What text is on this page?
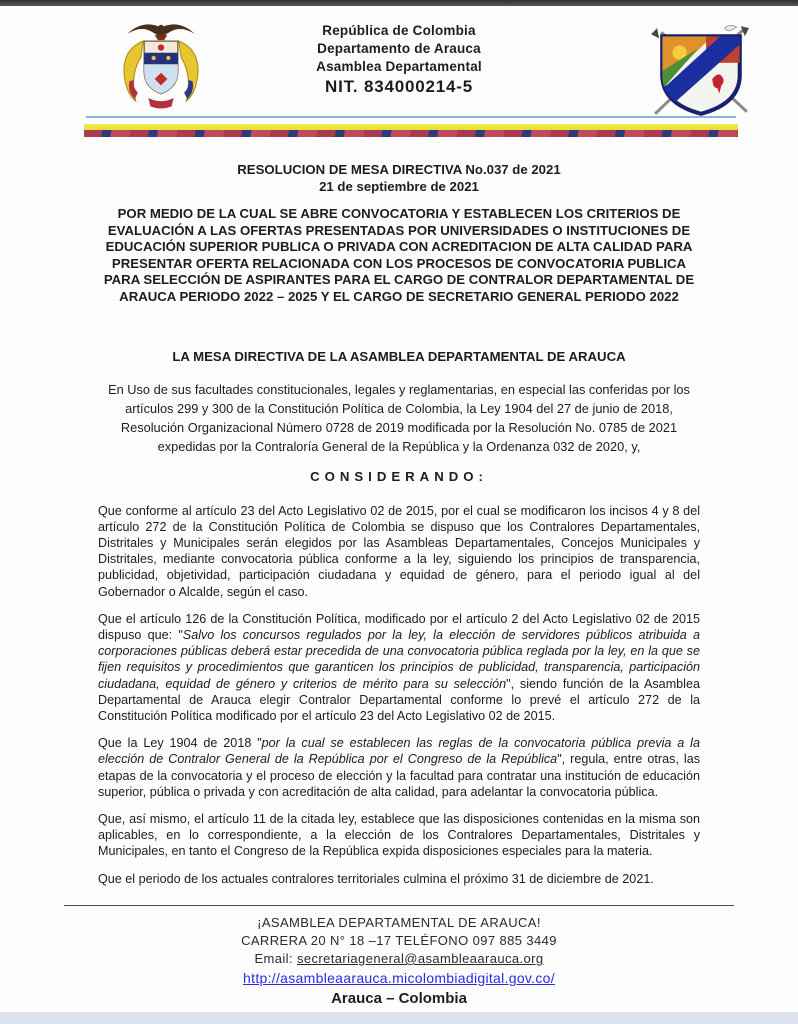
República de Colombia
Departamento de Arauca
Asamblea Departamental
NIT. 834000214-5
RESOLUCION DE MESA DIRECTIVA No.037 de 2021
21 de septiembre de 2021
POR MEDIO DE LA CUAL SE ABRE CONVOCATORIA Y ESTABLECEN LOS CRITERIOS DE EVALUACIÓN A LAS OFERTAS PRESENTADAS POR UNIVERSIDADES O INSTITUCIONES DE EDUCACIÓN SUPERIOR PUBLICA O PRIVADA CON ACREDITACION DE ALTA CALIDAD PARA PRESENTAR OFERTA RELACIONADA CON LOS PROCESOS DE CONVOCATORIA PUBLICA PARA SELECCIÓN DE ASPIRANTES PARA EL CARGO DE CONTRALOR DEPARTAMENTAL DE ARAUCA PERIODO 2022 – 2025 Y EL CARGO DE SECRETARIO GENERAL PERIODO 2022
LA MESA DIRECTIVA DE LA ASAMBLEA DEPARTAMENTAL DE ARAUCA

En Uso de sus facultades constitucionales, legales y reglamentarias, en especial las conferidas por los artículos 299 y 300 de la Constitución Política de Colombia, la Ley 1904 del 27 de junio de 2018, Resolución Organizacional Número 0728 de 2019 modificada por la Resolución No. 0785 de 2021 expedidas por la Contraloría General de la República y la Ordenanza 032 de 2020, y,

CONSIDERANDO:

Que conforme al artículo 23 del Acto Legislativo 02 de 2015, por el cual se modificaron los incisos 4 y 8 del artículo 272 de la Constitución Política de Colombia se dispuso que los Contralores Departamentales, Distritales y Municipales serán elegidos por las Asambleas Departamentales, Concejos Municipales y Distritales, mediante convocatoria pública conforme a la ley, siguiendo los principios de transparencia, publicidad, objetividad, participación ciudadana y equidad de género, para el periodo igual al del Gobernador o Alcalde, según el caso.

Que el artículo 126 de la Constitución Política, modificado por el artículo 2 del Acto Legislativo 02 de 2015 dispuso que: "Salvo los concursos regulados por la ley, la elección de servidores públicos atribuida a corporaciones públicas deberá estar precedida de una convocatoria pública reglada por la ley, en la que se fijen requisitos y procedimientos que garanticen los principios de publicidad, transparencia, participación ciudadana, equidad de género y criterios de mérito para su selección", siendo función de la Asamblea Departamental de Arauca elegir Contralor Departamental conforme lo prevé el artículo 272 de la Constitución Política modificado por el artículo 23 del Acto Legislativo 02 de 2015.

Que la Ley 1904 de 2018 "por la cual se establecen las reglas de la convocatoria pública previa a la elección de Contralor General de la República por el Congreso de la República", regula, entre otras, las etapas de la convocatoria y el proceso de elección y la facultad para contratar una institución de educación superior, pública o privada y con acreditación de alta calidad, para adelantar la convocatoria pública.

Que, así mismo, el artículo 11 de la citada ley, establece que las disposiciones contenidas en la misma son aplicables, en lo correspondiente, a la elección de los Contralores Departamentales, Distritales y Municipales, en tanto el Congreso de la República expida disposiciones especiales para la materia.

Que el periodo de los actuales contralores territoriales culmina el próximo 31 de diciembre de 2021.

¡ASAMBLEA DEPARTAMENTAL DE ARAUCA!
CARRERA 20 N° 18 –17 TELÉFONO 097 885 3449
Email: secretariageneral@asambleaarauca.org
http://asambleaarauca.micolombiadigital.gov.co/
Arauca – Colombia
